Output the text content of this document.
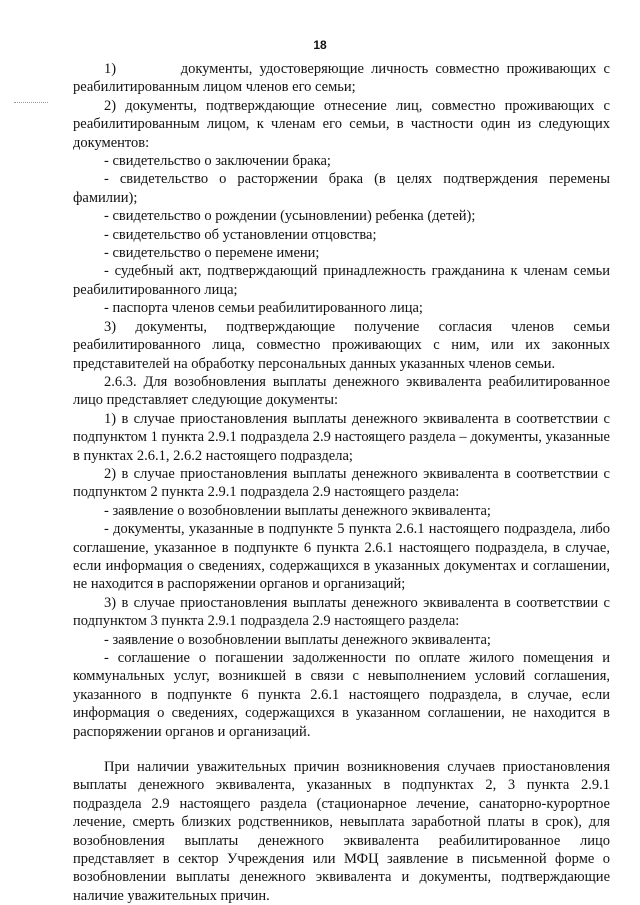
18

1)         документы, удостоверяющие личность совместно проживающих с реабилитированным лицом членов его семьи;

2) документы, подтверждающие отнесение лиц, совместно проживающих с реабилитированным лицом, к членам его семьи, в частности один из следующих документов:

- свидетельство о заключении брака;

- свидетельство о расторжении брака (в целях подтверждения перемены фамилии);

- свидетельство о рождении (усыновлении) ребенка (детей);

- свидетельство об установлении отцовства;

- свидетельство о перемене имени;

- судебный акт, подтверждающий принадлежность гражданина к членам семьи реабилитированного лица;

- паспорта членов семьи реабилитированного лица;

3) документы, подтверждающие получение согласия членов семьи реабилитированного лица, совместно проживающих с ним, или их законных представителей на обработку персональных данных указанных членов семьи.

2.6.3. Для возобновления выплаты денежного эквивалента реабилитированное лицо представляет следующие документы:

1) в случае приостановления выплаты денежного эквивалента в соответствии с подпунктом 1 пункта 2.9.1 подраздела 2.9 настоящего раздела – документы, указанные в пунктах 2.6.1, 2.6.2 настоящего подраздела;

2) в случае приостановления выплаты денежного эквивалента в соответствии с подпунктом 2 пункта 2.9.1 подраздела 2.9 настоящего раздела:

- заявление о возобновлении выплаты денежного эквивалента;

- документы, указанные в подпункте 5 пункта 2.6.1 настоящего подраздела, либо соглашение, указанное в подпункте 6 пункта 2.6.1 настоящего подраздела, в случае, если информация о сведениях, содержащихся в указанных документах и соглашении, не находится в распоряжении органов и организаций;

3) в случае приостановления выплаты денежного эквивалента в соответствии с подпунктом 3 пункта 2.9.1 подраздела 2.9 настоящего раздела:

- заявление о возобновлении выплаты денежного эквивалента;

- соглашение о погашении задолженности по оплате жилого помещения и коммунальных услуг, возникшей в связи с невыполнением условий соглашения, указанного в подпункте 6 пункта 2.6.1 настоящего подраздела, в случае, если информация о сведениях, содержащихся в указанном соглашении, не находится в распоряжении органов и организаций.

При наличии уважительных причин возникновения случаев приостановления выплаты денежного эквивалента, указанных в подпунктах 2, 3 пункта 2.9.1 подраздела 2.9 настоящего раздела (стационарное лечение, санаторно-курортное лечение, смерть близких родственников, невыплата заработной платы в срок), для возобновления выплаты денежного эквивалента реабилитированное лицо представляет в сектор Учреждения или МФЦ заявление в письменной форме о возобновлении выплаты денежного эквивалента и документы, подтверждающие наличие уважительных причин.
